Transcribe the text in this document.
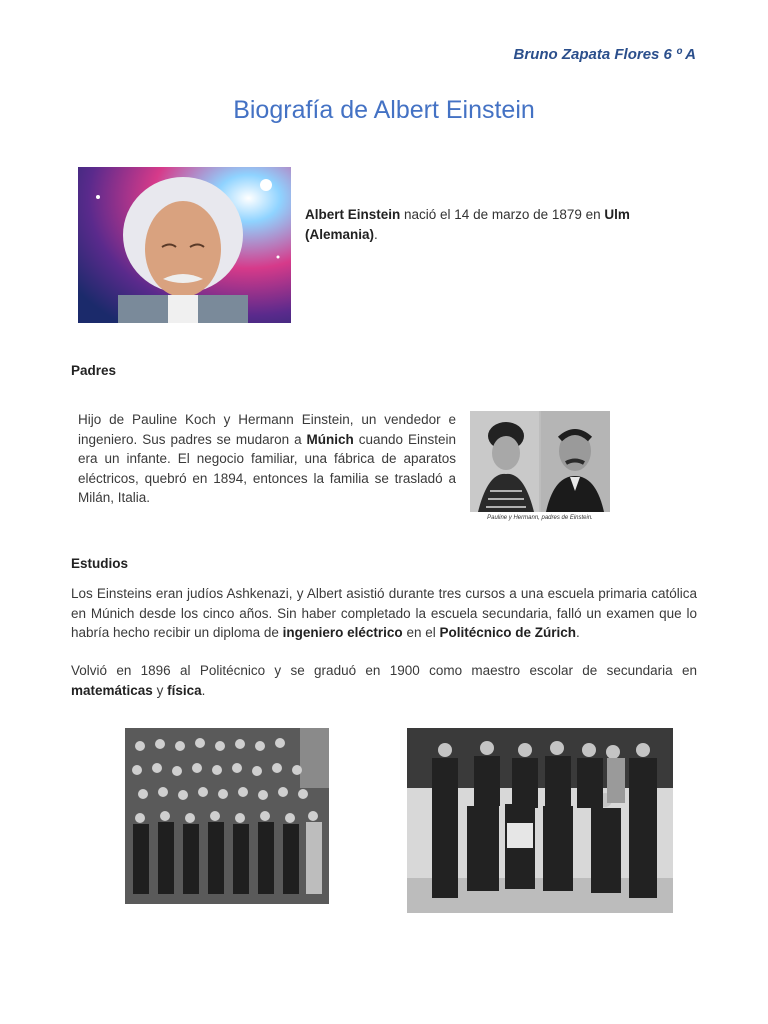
Bruno Zapata Flores 6 º A
Biografía de Albert Einstein
Albert Einstein nació el 14 de marzo de 1879 en Ulm (Alemania).
Padres
Hijo de Pauline Koch y Hermann Einstein, un vendedor e ingeniero. Sus padres se mudaron a Múnich cuando Einstein era un infante. El negocio familiar, una fábrica de aparatos eléctricos, quebró en 1894, entonces la familia se trasladó a Milán, Italia.
Pauline y Hermann, padres de Einstein.
Estudios
Los Einsteins eran judíos Ashkenazi, y Albert asistió durante tres cursos a una escuela primaria católica en Múnich desde los cinco años. Sin haber completado la escuela secundaria, falló un examen que lo habría hecho recibir un diploma de ingeniero eléctrico en el Politécnico de Zúrich.
Volvió en 1896 al Politécnico y se graduó en 1900 como maestro escolar de secundaria en matemáticas y física.
